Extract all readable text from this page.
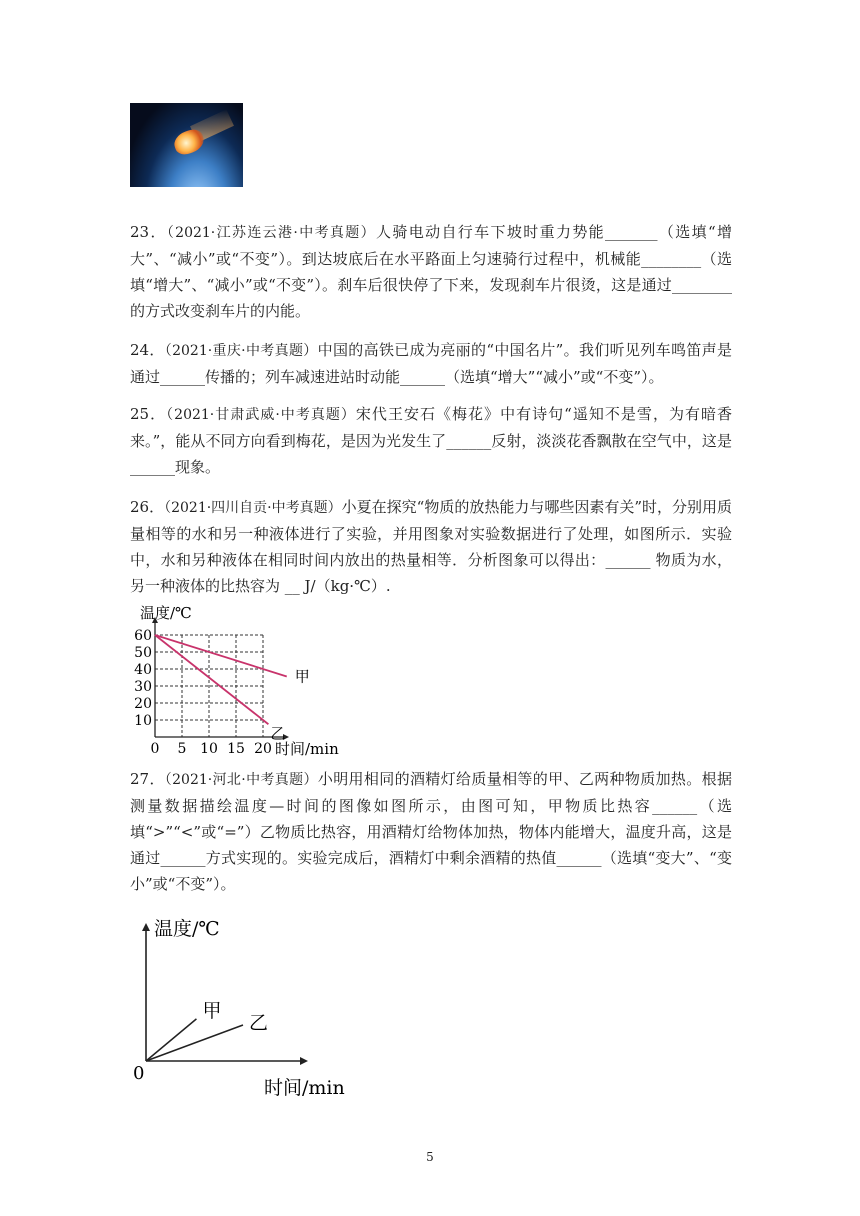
23．（2021·江苏连云港·中考真题）人骑电动自行车下坡时重力势能_______（选填“增大”、“减小”或“不变”）。到达坡底后在水平路面上匀速骑行过程中，机械能________（选填“增大”、“减小”或“不变”）。刹车后很快停了下来，发现刹车片很烫，这是通过________的方式改变刹车片的内能。

24．（2021·重庆·中考真题）中国的高铁已成为亮丽的“中国名片”。我们听见列车鸣笛声是通过______传播的；列车减速进站时动能______（选填“增大”“减小”或“不变”）。

25．（2021·甘肃武威·中考真题）宋代王安石《梅花》中有诗句“遥知不是雪，为有暗香来。”，能从不同方向看到梅花，是因为光发生了______反射，淡淡花香飘散在空气中，这是______现象。

26．（2021·四川自贡·中考真题）小夏在探究“物质的放热能力与哪些因素有关”时，分别用质量相等的水和另一种液体进行了实验，并用图象对实验数据进行了处理，如图所示．实验中，水和另种液体在相同时间内放出的热量相等．分析图象可以得出：______ 物质为水，另一种液体的比热容为 __ J/（kg·℃）.

0 5 10 15 20
10
20
30
40
50
60
温度/℃
时间/min
甲
乙

27．（2021·河北·中考真题）小明用相同的酒精灯给质量相等的甲、乙两种物质加热。根据测量数据描绘温度—时间的图像如图所示，由图可知，甲物质比热容______（选填“>”“<”或“=”）乙物质比热容，用酒精灯给物体加热，物体内能增大，温度升高，这是通过______方式实现的。实验完成后，酒精灯中剩余酒精的热值______（选填“变大”、“变小”或“不变”）。

温度/℃
时间/min
0
甲
乙
5
